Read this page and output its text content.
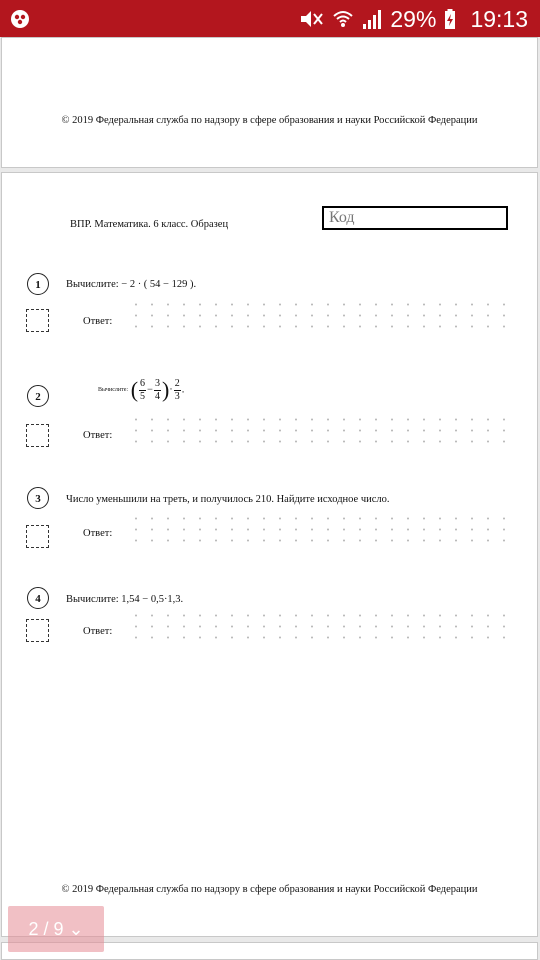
29% 19:13
© 2019 Федеральная служба по надзору в сфере образования и науки Российской Федерации
ВПР. Математика. 6 класс. Образец	Код
1	Вычислите: − 2 · ( 54 − 129 ).
Ответ:
2
Вычислите: ( $\frac{6}{5} - \frac{3}{4}$ )· $\frac{2}{3}$ .
Ответ:
3	Число уменьшили на треть, и получилось 210. Найдите исходное число.
Ответ:
4	Вычислите: 1,54 − 0,5·1,3.
Ответ:
© 2019 Федеральная служба по надзору в сфере образования и науки Российской Федерации
2 / 9 ⌄
